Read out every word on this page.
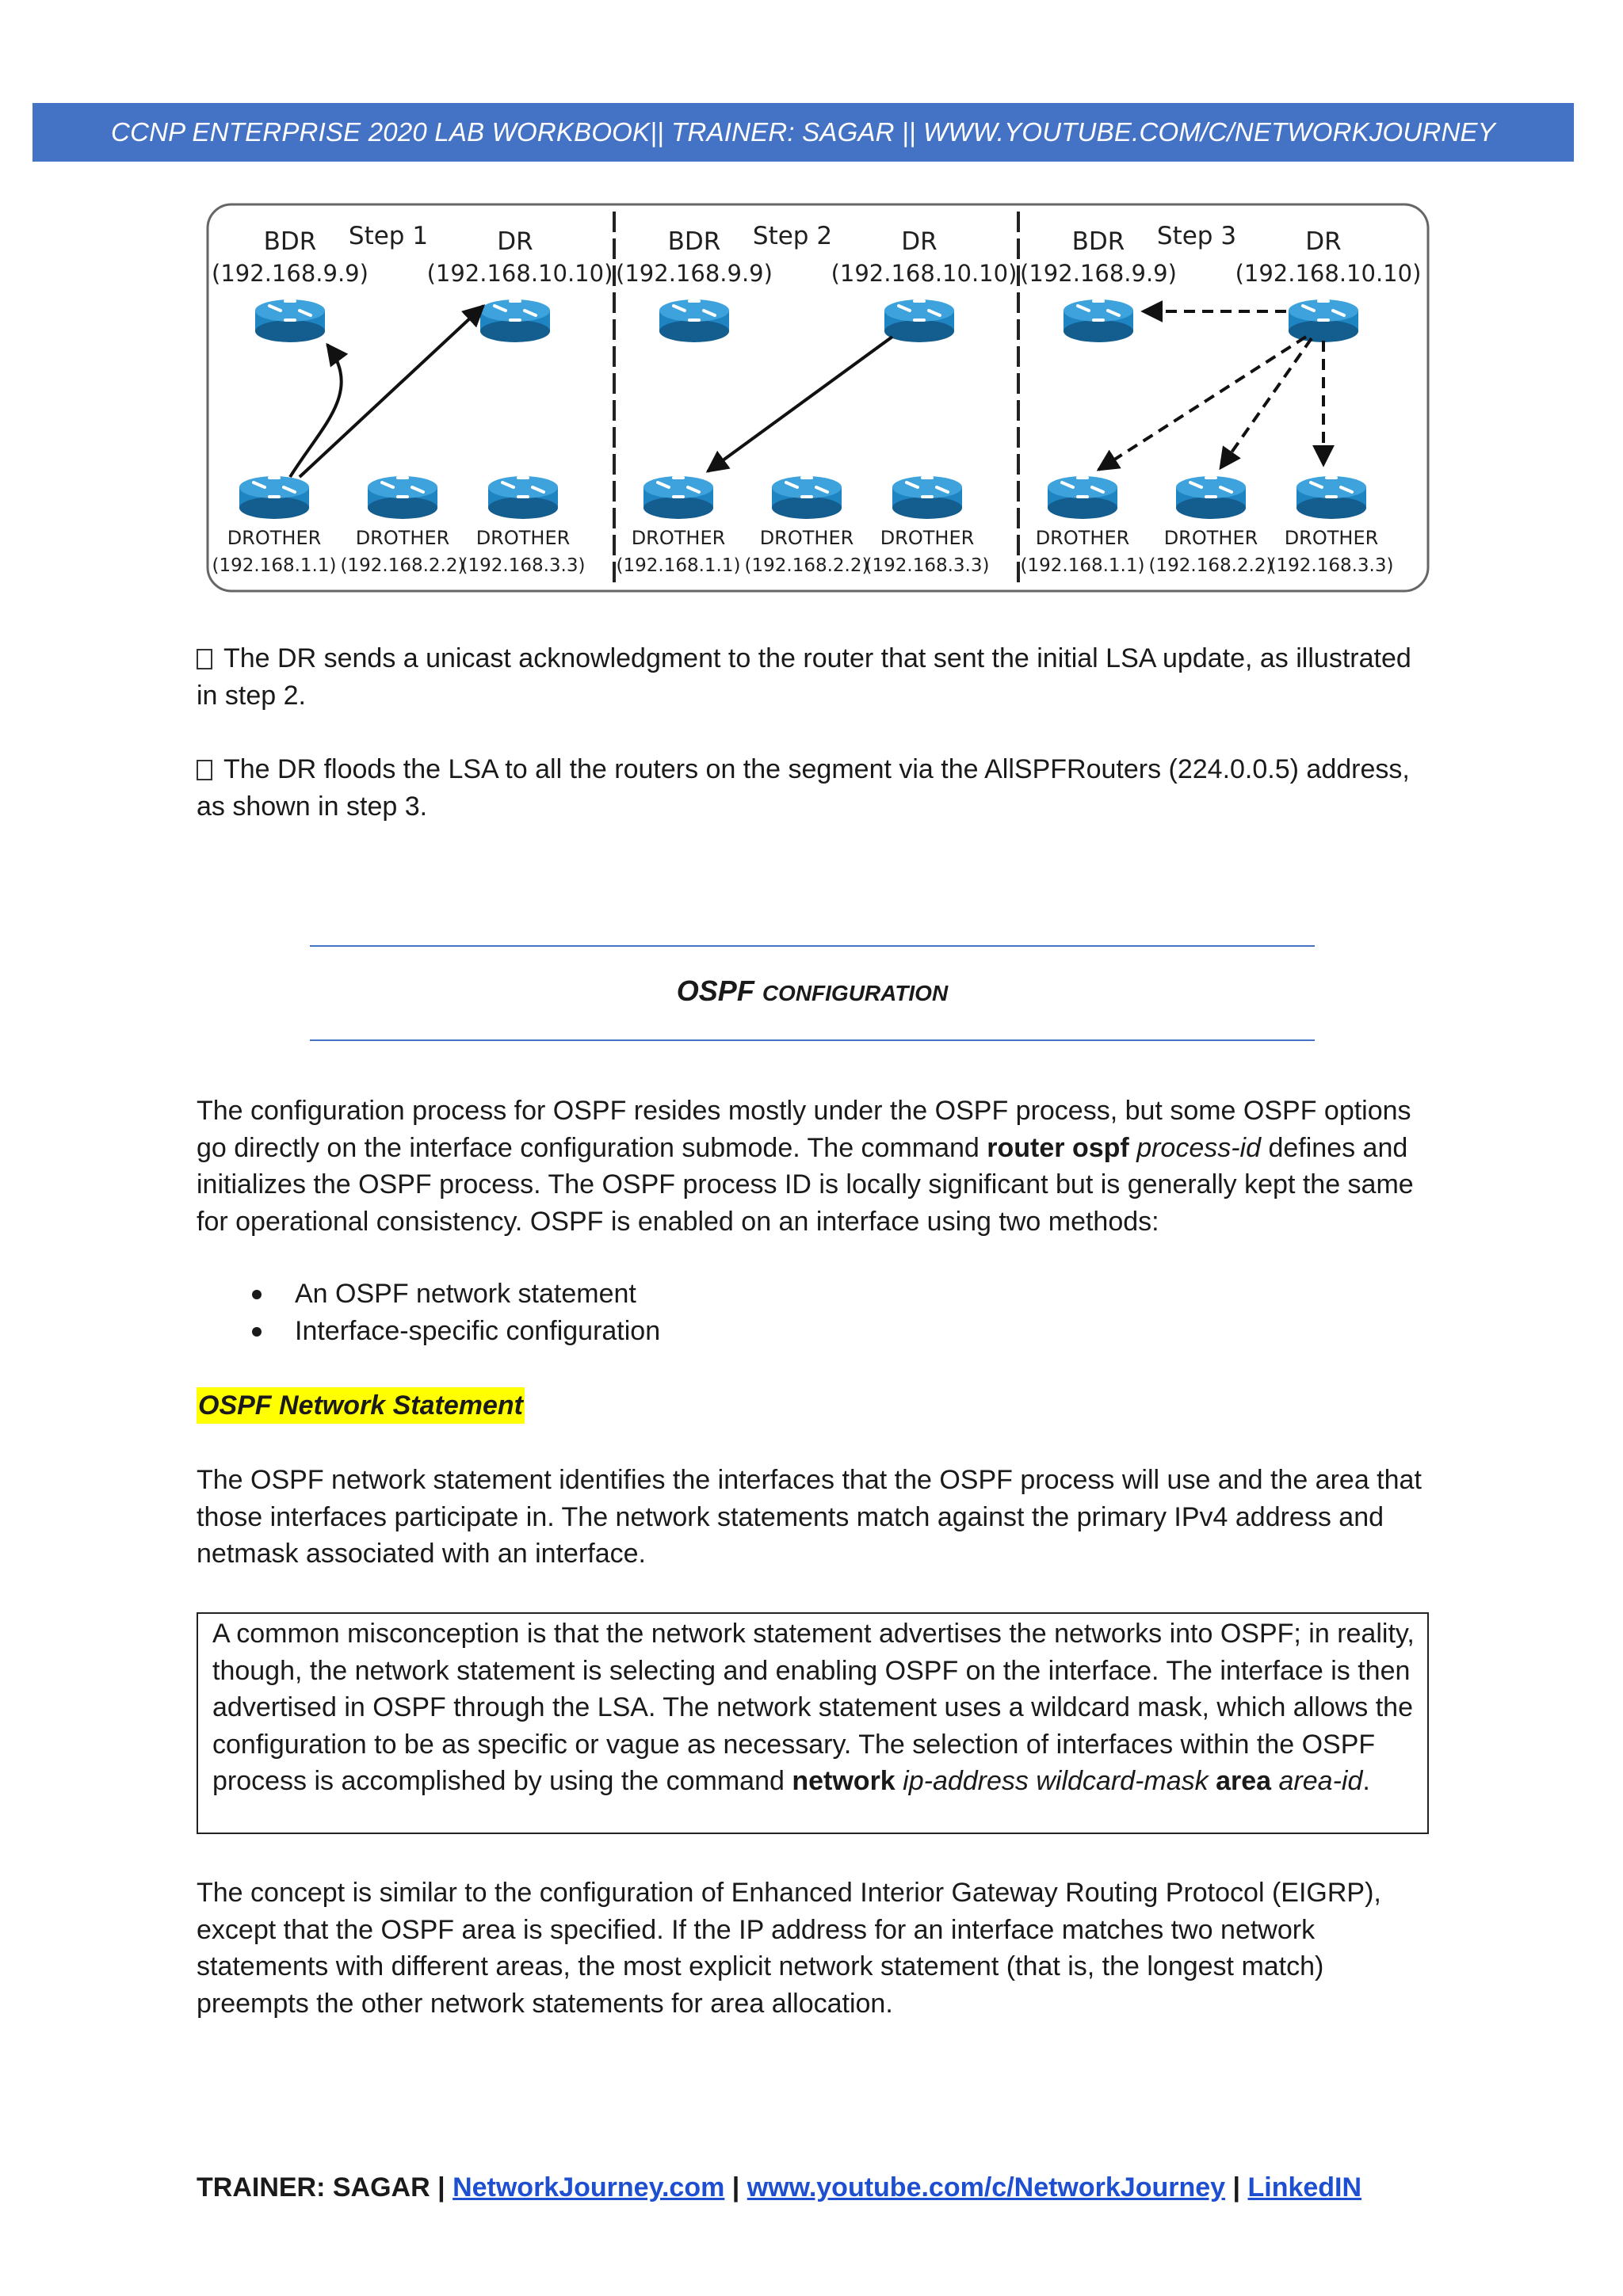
CCNP ENTERPRISE 2020 LAB WORKBOOK|| TRAINER: SAGAR || WWW.YOUTUBE.COM/C/NETWORKJOURNEY
Step 1
BDR
(192.168.9.9)
DR
(192.168.10.10)
DROTHER
(192.168.1.1)
DROTHER
(192.168.2.2)
DROTHER
(192.168.3.3)
Step 2
BDR
(192.168.9.9)
DR
(192.168.10.10)
DROTHER
(192.168.1.1)
DROTHER
(192.168.2.2)
DROTHER
(192.168.3.3)
Step 3
BDR
(192.168.9.9)
DR
(192.168.10.10)
DROTHER
(192.168.1.1)
DROTHER
(192.168.2.2)
DROTHER
(192.168.3.3)

The DR sends a unicast acknowledgment to the router that sent the initial LSA update, as illustrated in step 2.

The DR floods the LSA to all the routers on the segment via the AllSPFRouters (224.0.0.5) address, as shown in step 3.

OSPF CONFIGURATION

The configuration process for OSPF resides mostly under the OSPF process, but some OSPF options go directly on the interface configuration submode. The command router ospf process-id defines and initializes the OSPF process. The OSPF process ID is locally significant but is generally kept the same for operational consistency. OSPF is enabled on an interface using two methods:

An OSPF network statement
Interface-specific configuration
OSPF Network Statement

The OSPF network statement identifies the interfaces that the OSPF process will use and the area that those interfaces participate in. The network statements match against the primary IPv4 address and netmask associated with an interface.

A common misconception is that the network statement advertises the networks into OSPF; in reality, though, the network statement is selecting and enabling OSPF on the interface. The interface is then advertised in OSPF through the LSA. The network statement uses a wildcard mask, which allows the configuration to be as specific or vague as necessary. The selection of interfaces within the OSPF process is accomplished by using the command network ip-address wildcard-mask area area-id.

The concept is similar to the configuration of Enhanced Interior Gateway Routing Protocol (EIGRP), except that the OSPF area is specified. If the IP address for an interface matches two network statements with different areas, the most explicit network statement (that is, the longest match) preempts the other network statements for area allocation.

TRAINER: SAGAR | NetworkJourney.com | www.youtube.com/c/NetworkJourney | LinkedIN
